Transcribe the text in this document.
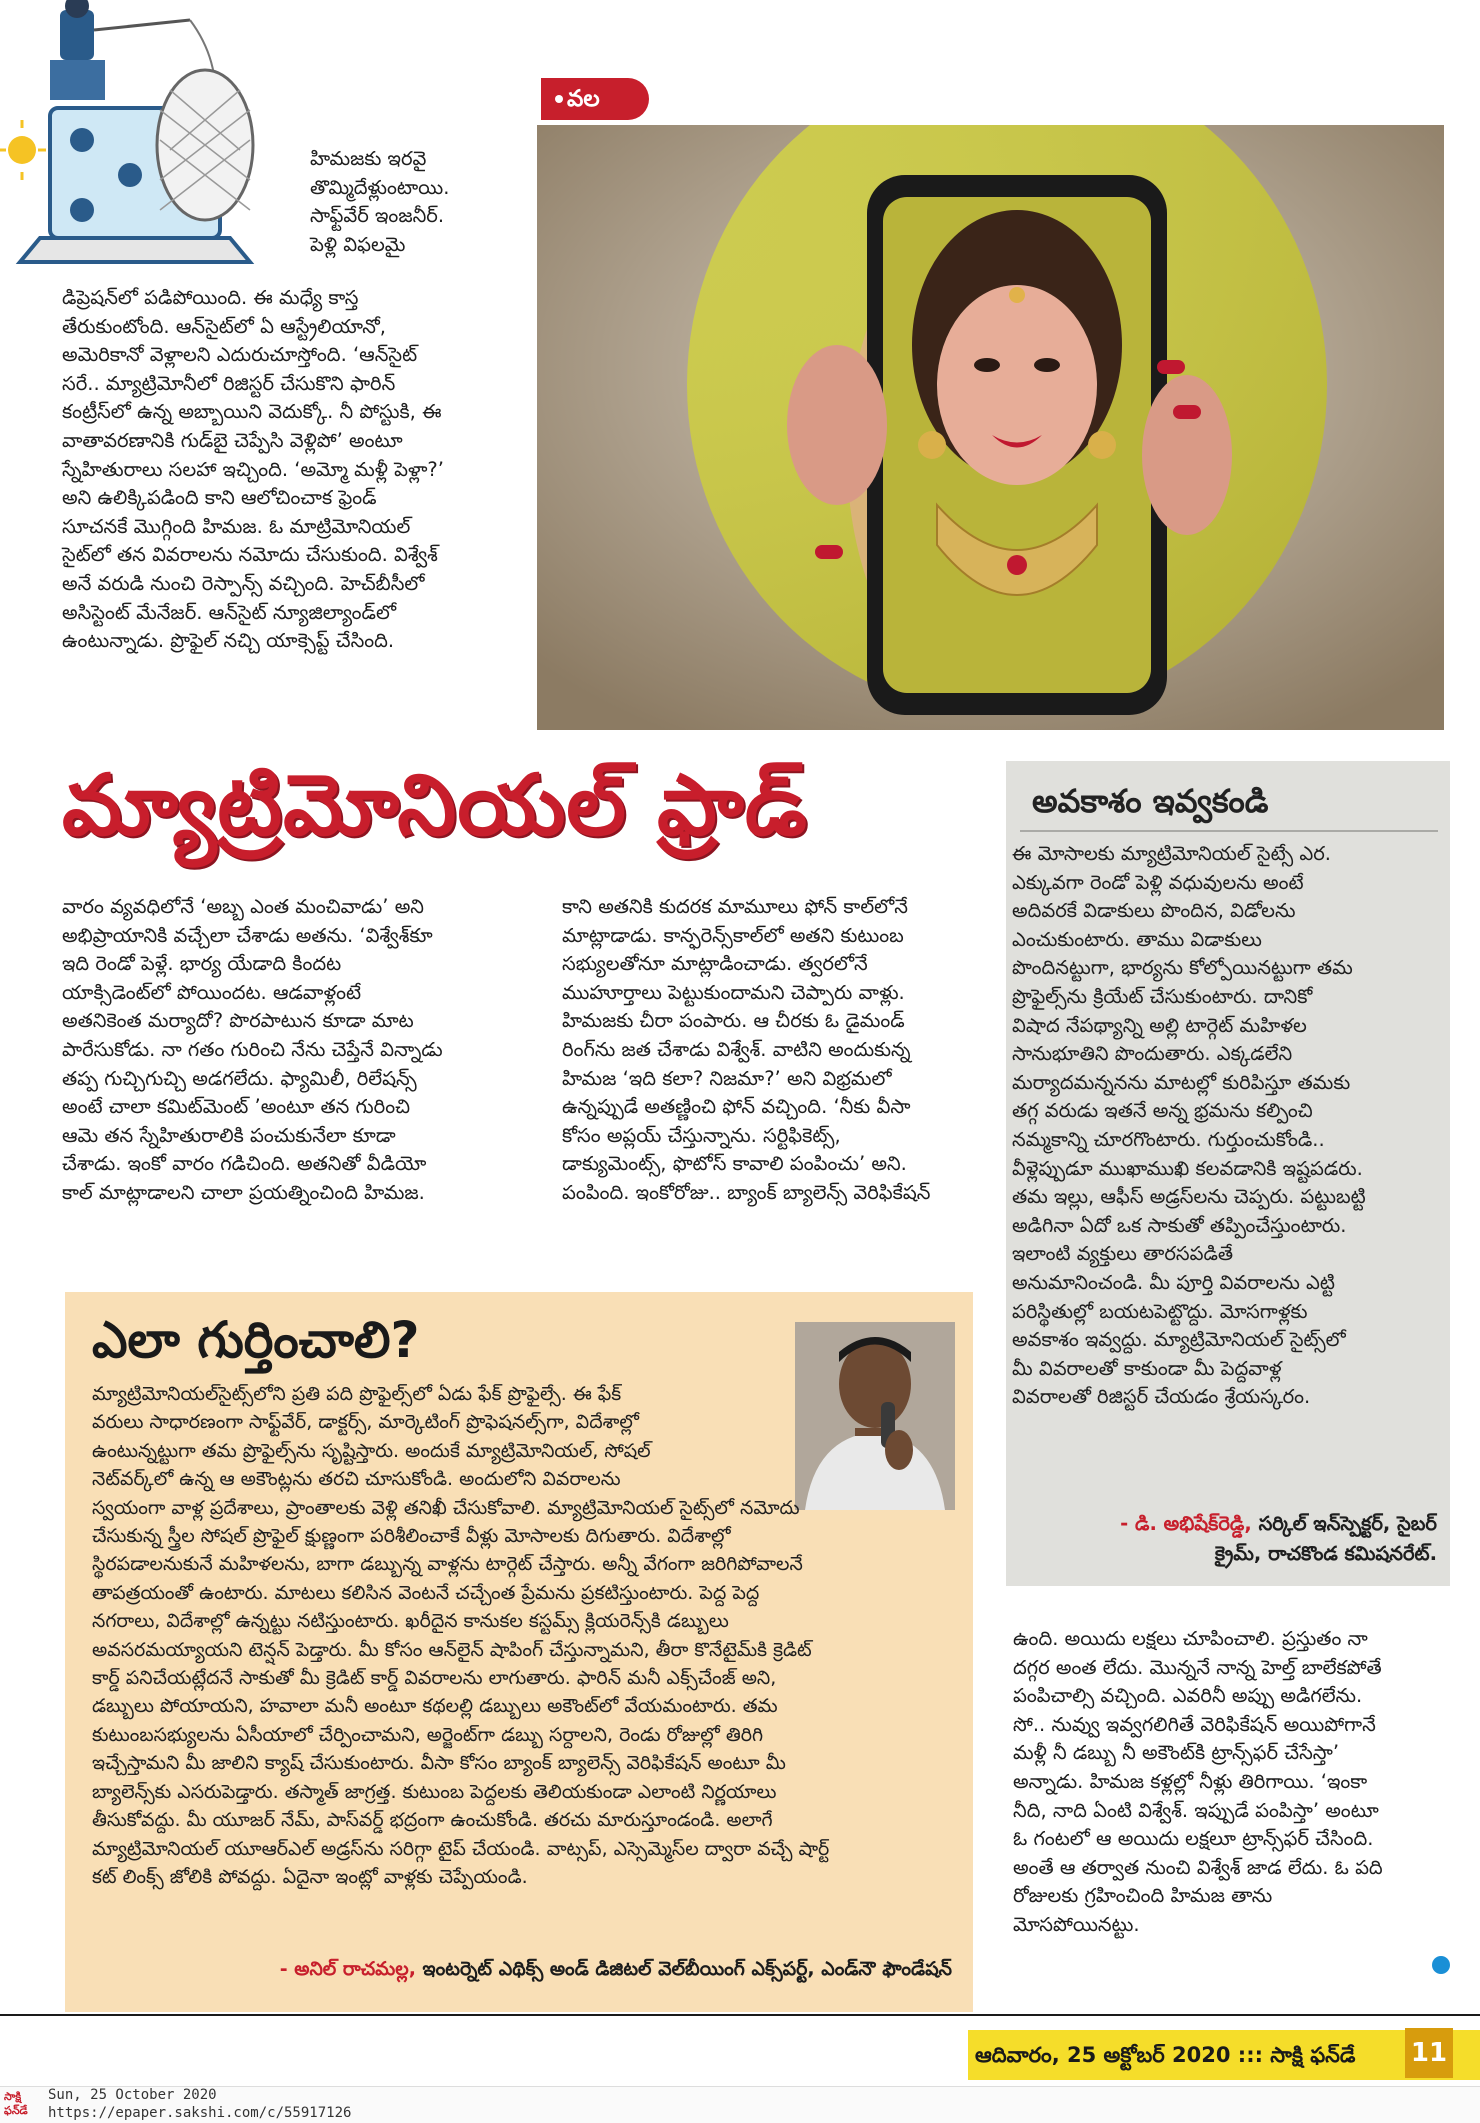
హిమజకు ఇరవై
తొమ్మిదేళ్లుంటాయి.
సాఫ్ట్‌వేర్ ఇంజనీర్.
పెళ్లి విఫలమై
డిప్రెషన్‌లో పడిపోయింది. ఈ మధ్యే కాస్త
తేరుకుంటోంది. ఆన్‌సైట్‌లో ఏ ఆస్ట్రేలియానో,
అమెరికానో వెళ్లాలని ఎదురుచూస్తోంది. ‘ఆన్‌సైట్
సరే.. మ్యాట్రిమోనీలో రిజిస్టర్ చేసుకొని ఫారిన్
కంట్రీస్‌లో ఉన్న అబ్బాయిని వెదుక్కో. నీ పోస్టుకి, ఈ
వాతావరణానికి గుడ్‌బై చెప్పేసి వెళ్లిపో’ అంటూ
స్నేహితురాలు సలహా ఇచ్చింది. ‘అమ్మో మళ్లీ పెళ్లా?’
అని ఉలిక్కిపడింది కాని ఆలోచించాక ఫ్రెండ్
సూచనకే మొగ్గింది హిమజ. ఓ మాట్రిమోనియల్
సైట్‌లో తన వివరాలను నమోదు చేసుకుంది. విశ్వేశ్
అనే వరుడి నుంచి రెస్పాన్స్ వచ్చింది. హెచ్‌బీసీలో
అసిస్టెంట్ మేనేజర్. ఆన్‌సైట్ న్యూజిల్యాండ్‌లో
ఉంటున్నాడు. ప్రొఫైల్ నచ్చి యాక్సెప్ట్ చేసింది.
వల
మ్యాట్రిమోనియల్ ఫ్రాడ్
వారం వ్యవధిలోనే ‘అబ్బ ఎంత మంచివాడు’ అని
అభిప్రాయానికి వచ్చేలా చేశాడు అతను. ‘విశ్వేశ్‌కూ
ఇది రెండో పెళ్లే. భార్య యేడాది కిందట
యాక్సిడెంట్‌లో పోయిందట. ఆడవాళ్లంటే
అతనికెంత మర్యాదో? పొరపాటున కూడా మాట
పారేసుకోడు. నా గతం గురించి నేను చెప్తేనే విన్నాడు
తప్ప గుచ్చిగుచ్చి అడగలేదు. ఫ్యామిలీ, రిలేషన్స్
అంటే చాలా కమిట్‌మెంట్ ’అంటూ తన గురించి
ఆమె తన స్నేహితురాలికి పంచుకునేలా కూడా
చేశాడు. ఇంకో వారం గడిచింది. అతనితో వీడియో
కాల్ మాట్లాడాలని చాలా ప్రయత్నించింది హిమజ.
కాని అతనికి కుదరక మామూలు ఫోన్ కాల్‌లోనే
మాట్లాడాడు. కాన్ఫరెన్స్‌కాల్‌లో అతని కుటుంబ
సభ్యులతోనూ మాట్లాడించాడు. త్వరలోనే
ముహూర్తాలు పెట్టుకుందామని చెప్పారు వాళ్లు.
హిమజకు చీరా పంపారు. ఆ చీరకు ఓ డైమండ్
రింగ్‌ను జత చేశాడు విశ్వేశ్. వాటిని అందుకున్న
హిమజ ‘ఇది కలా? నిజమా?’ అని విభ్రమలో
ఉన్నప్పుడే అతణ్ణించి ఫోన్ వచ్చింది. ‘నీకు వీసా
కోసం అప్లయ్ చేస్తున్నాను. సర్టిఫికెట్స్,
డాక్యుమెంట్స్, ఫొటోస్ కావాలి పంపించు’ అని.
పంపింది. ఇంకోరోజు.. బ్యాంక్ బ్యాలెన్స్ వెరిఫికేషన్
అవకాశం ఇవ్వకండి
ఈ మోసాలకు మ్యాట్రిమోనియల్ సైట్సే ఎర.
ఎక్కువగా రెండో పెళ్లి వధువులను అంటే
అదివరకే విడాకులు పొందిన, విడోలను
ఎంచుకుంటారు. తాము విడాకులు
పొందినట్టుగా, భార్యను కోల్పోయినట్టుగా తమ
ప్రొఫైల్స్‌ను క్రియేట్ చేసుకుంటారు. దానికో
విషాద నేపథ్యాన్ని అల్లి టార్గెట్ మహిళల
సానుభూతిని పొందుతారు. ఎక్కడలేని
మర్యాదమన్ననను మాటల్లో కురిపిస్తూ తమకు
తగ్గ వరుడు ఇతనే అన్న భ్రమను కల్పించి
నమ్మకాన్ని చూరగొంటారు. గుర్తుంచుకోండి..
వీళ్లెప్పుడూ ముఖాముఖి కలవడానికి ఇష్టపడరు.
తమ ఇల్లు, ఆఫీస్ అడ్రస్‌లను చెప్పరు. పట్టుబట్టి
అడిగినా ఏదో ఒక సాకుతో తప్పించేస్తుంటారు.
ఇలాంటి వ్యక్తులు తారసపడితే
అనుమానించండి. మీ పూర్తి వివరాలను ఎట్టి
పరిస్థితుల్లో బయటపెట్టొద్దు. మోసగాళ్లకు
అవకాశం ఇవ్వద్దు. మ్యాట్రిమోనియల్ సైట్స్‌లో
మీ వివరాలతో కాకుండా మీ పెద్దవాళ్ల
వివరాలతో రిజిస్టర్ చేయడం శ్రేయస్కరం.
- డి. అభిషేక్‌రెడ్డి, సర్కిల్ ఇన్‌స్పెక్టర్, సైబర్
క్రైమ్, రాచకొండ కమిషనరేట్.
ఎలా గుర్తించాలి?
మ్యాట్రిమోనియల్‌సైట్స్‌లోని ప్రతి పది ప్రొఫైల్స్‌లో ఏడు ఫేక్ ప్రొఫైల్సే. ఈ ఫేక్
వరులు సాధారణంగా సాఫ్ట్‌వేర్, డాక్టర్స్, మార్కెటింగ్ ప్రొఫెషనల్స్‌గా, విదేశాల్లో
ఉంటున్నట్టుగా తమ ప్రొఫైల్స్‌ను సృష్టిస్తారు. అందుకే మ్యాట్రిమోనియల్, సోషల్
నెట్‌వర్క్‌లో ఉన్న ఆ అకౌంట్లను తరచి చూసుకోండి. అందులోని వివరాలను
స్వయంగా వాళ్ల ప్రదేశాలు, ప్రాంతాలకు వెళ్లి తనిఖీ చేసుకోవాలి. మ్యాట్రిమోనియల్ సైట్స్‌లో నమోదు
చేసుకున్న స్త్రీల సోషల్ ప్రొఫైల్ క్షుణ్ణంగా పరిశీలించాకే వీళ్లు మోసాలకు దిగుతారు. విదేశాల్లో
స్థిరపడాలనుకునే మహిళలను, బాగా డబ్బున్న వాళ్లను టార్గెట్ చేస్తారు. అన్నీ వేగంగా జరిగిపోవాలనే
తాపత్రయంతో ఉంటారు. మాటలు కలిసిన వెంటనే చచ్చేంత ప్రేమను ప్రకటిస్తుంటారు. పెద్ద పెద్ద
నగరాలు, విదేశాల్లో ఉన్నట్టు నటిస్తుంటారు. ఖరీదైన కానుకల కస్టమ్స్ క్లియరెన్స్‌కి డబ్బులు
అవసరమయ్యాయని టెన్షన్ పెడ్తారు. మీ కోసం ఆన్‌లైన్ షాపింగ్ చేస్తున్నామని, తీరా కొనేటైమ్‌కి క్రెడిట్
కార్డ్ పనిచేయట్లేదనే సాకుతో మీ క్రెడిట్ కార్డ్ వివరాలను లాగుతారు. ఫారిన్ మనీ ఎక్స్‌చేంజ్ అని,
డబ్బులు పోయాయని, హవాలా మనీ అంటూ కథలల్లి డబ్బులు అకౌంట్‌లో వేయమంటారు. తమ
కుటుంబసభ్యులను ఏసీయాలో చేర్పించామని, అర్జెంట్‌గా డబ్బు సర్దాలని, రెండు రోజుల్లో తిరిగి
ఇచ్చేస్తామని మీ జాలిని క్యాష్ చేసుకుంటారు. వీసా కోసం బ్యాంక్ బ్యాలెన్స్ వెరిఫికేషన్ అంటూ మీ
బ్యాలెన్స్‌కు ఎసరుపెడ్తారు. తస్మాత్ జాగ్రత్త. కుటుంబ పెద్దలకు తెలియకుండా ఎలాంటి నిర్ణయాలు
తీసుకోవద్దు. మీ యూజర్ నేమ్, పాస్‌వర్డ్ భద్రంగా ఉంచుకోండి. తరచు మారుస్తూండండి. అలాగే
మ్యాట్రిమోనియల్ యూఆర్‌ఎల్ అడ్రస్‌ను సరిగ్గా టైప్ చేయండి. వాట్సప్, ఎస్సెమ్మెస్‌ల ద్వారా వచ్చే షార్ట్
కట్ లింక్స్ జోలికి పోవద్దు. ఏదైనా ఇంట్లో వాళ్లకు చెప్పేయండి.
- అనిల్ రాచమల్ల, ఇంటర్నెట్ ఎథిక్స్ అండ్ డిజిటల్ వెల్‌బీయింగ్ ఎక్స్‌పర్ట్, ఎండ్‌నౌ ఫౌండేషన్
ఉంది. అయిదు లక్షలు చూపించాలి. ప్రస్తుతం నా
దగ్గర అంత లేదు. మొన్ననే నాన్న హెల్త్ బాలేకపోతే
పంపిచాల్సి వచ్చింది. ఎవరినీ అప్పు అడిగలేను.
సో.. నువ్వు ఇవ్వగలిగితే వెరిఫికేషన్ అయిపోగానే
మళ్లీ నీ డబ్బు నీ అకౌంట్‌కి ట్రాన్స్‌ఫర్ చేసేస్తా’
అన్నాడు. హిమజ కళ్లల్లో నీళ్లు తిరిగాయి. ‘ఇంకా
నీది, నాది ఏంటి విశ్వేశ్. ఇప్పుడే పంపిస్తా’ అంటూ
ఓ గంటలో ఆ అయిదు లక్షలూ ట్రాన్స్‌ఫర్ చేసింది.
అంతే ఆ తర్వాత నుంచి విశ్వేశ్ జాడ లేదు. ఓ పది
రోజులకు గ్రహించింది హిమజ తాను
మోసపోయినట్టు.
ఆదివారం, 25 అక్టోబర్ 2020 ::: సాక్షి ఫన్‌డే	11
సాక్షి
ఫన్‌డే
Sun, 25 October 2020
https://epaper.sakshi.com/c/55917126
